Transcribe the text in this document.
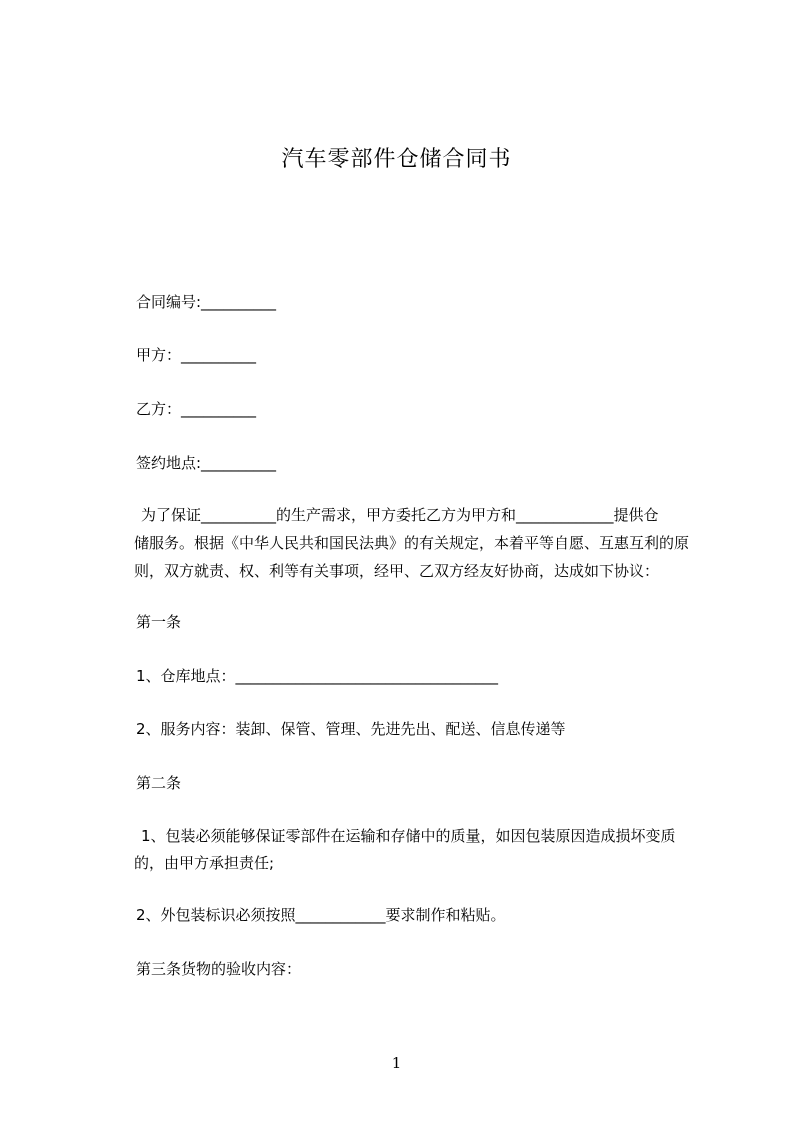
汽车零部件仓储合同书
合同编号:__________
甲方：__________
乙方：__________
签约地点:__________
为了保证__________的生产需求，甲方委托乙方为甲方和_____________提供仓
储服务。根据《中华人民共和国民法典》的有关规定，本着平等自愿、互惠互利的原
则，双方就责、权、利等有关事项，经甲、乙双方经友好协商，达成如下协议：
第一条
1、仓库地点：___________________________________
2、服务内容：装卸、保管、管理、先进先出、配送、信息传递等
第二条
1、包装必须能够保证零部件在运输和存储中的质量，如因包装原因造成损坏变质
的，由甲方承担责任;
2、外包装标识必须按照____________要求制作和粘贴。
第三条货物的验收内容：
1
